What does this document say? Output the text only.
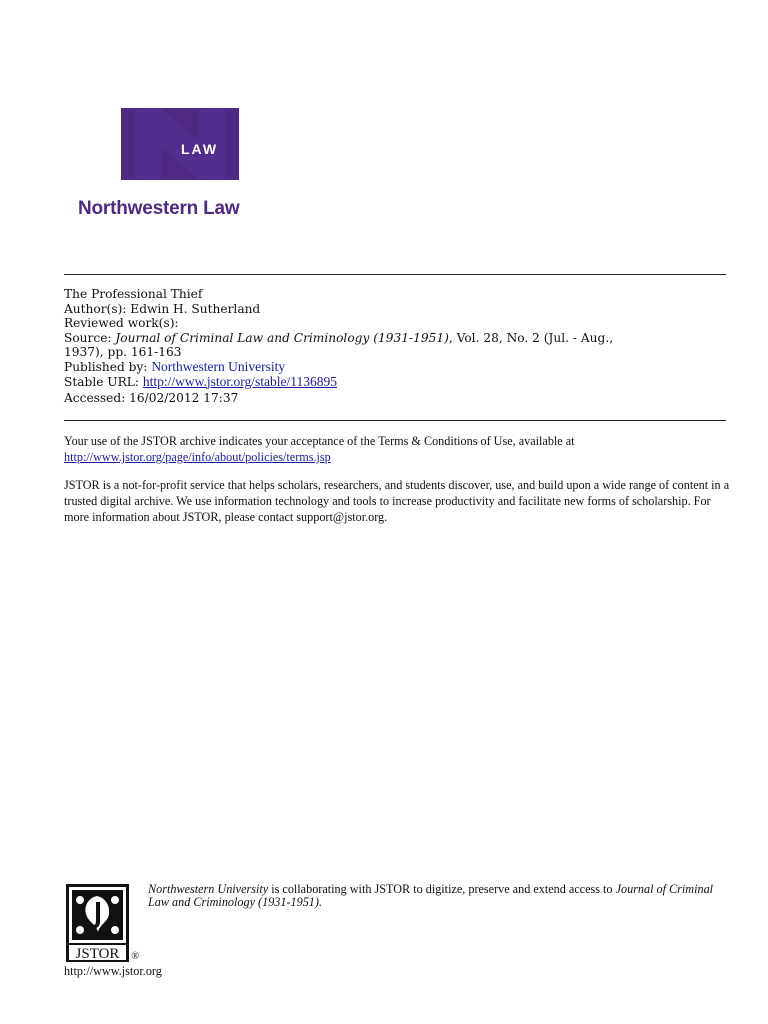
LAW
Northwestern Law
The Professional Thief
Author(s): Edwin H. Sutherland
Reviewed work(s):
Source: Journal of Criminal Law and Criminology (1931-1951), Vol. 28, No. 2 (Jul. - Aug.,
1937), pp. 161-163
Published by: Northwestern University
Stable URL: http://www.jstor.org/stable/1136895
Accessed: 16/02/2012 17:37
Your use of the JSTOR archive indicates your acceptance of the Terms & Conditions of Use, available at
http://www.jstor.org/page/info/about/policies/terms.jsp
JSTOR is a not-for-profit service that helps scholars, researchers, and students discover, use, and build upon a wide range of content in a trusted digital archive. We use information technology and tools to increase productivity and facilitate new forms of scholarship. For more information about JSTOR, please contact support@jstor.org.
JSTOR ®
Northwestern University is collaborating with JSTOR to digitize, preserve and extend access to Journal of Criminal Law and Criminology (1931-1951).
http://www.jstor.org
